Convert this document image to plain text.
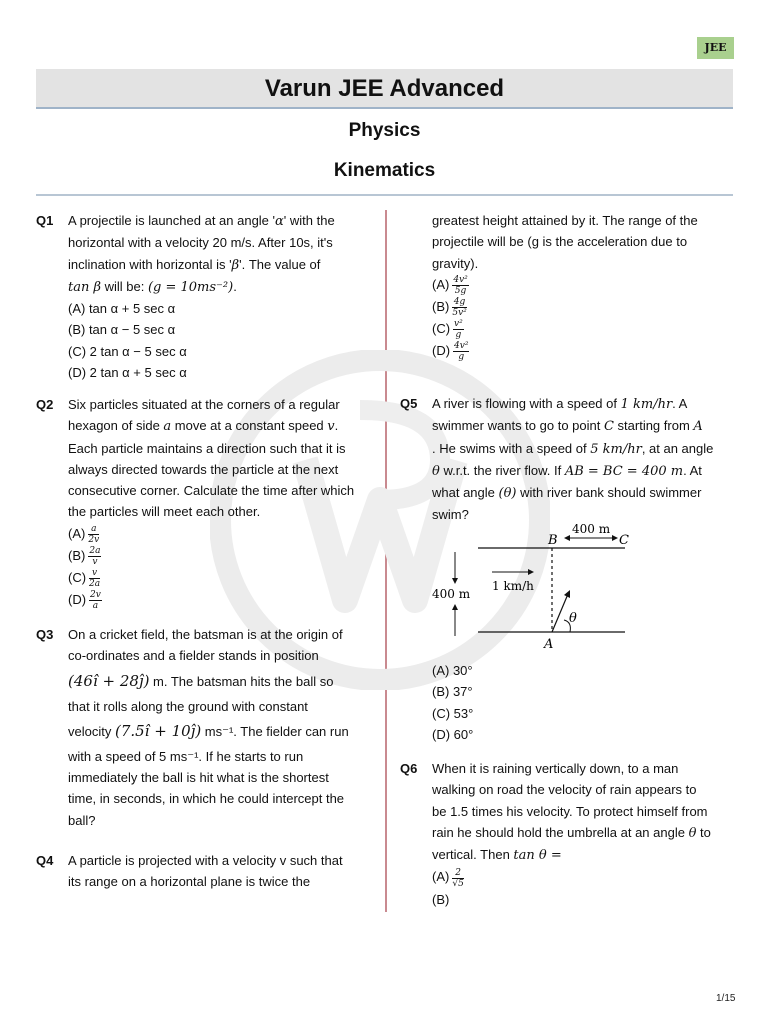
JEE
Varun JEE Advanced
Physics
Kinematics
Q1 A projectile is launched at an angle 'α' with the horizontal with a velocity 20 m/s. After 10s, it's inclination with horizontal is 'β'. The value of
tan β will be: (g = 10ms⁻²).
(A) tan α + 5 sec α
(B) tan α − 5 sec α
(C) 2 tan α − 5 sec α
(D) 2 tan α + 5 sec α
Q2 Six particles situated at the corners of a regular hexagon of side a move at a constant speed v. Each particle maintains a direction such that it is always directed towards the particle at the next consecutive corner. Calculate the time after which the particles will meet each other.
$(A) \frac{a}{2v}$
$(B) \frac{2a}{v}$
$(C) \frac{v}{2a}$
$(D) \frac{2v}{a}$
Q3 On a cricket field, the batsman is at the origin of
co-ordinates and a fielder stands in position
(46î + 28ĵ) m. The batsman hits the ball so
that it rolls along the ground with constant
velocity (7.5î + 10ĵ) ms⁻¹. The fielder can run
with a speed of 5 ms⁻¹. If he starts to run
immediately the ball is hit what is the shortest
time, in seconds, in which he could intercept the
ball?
Q4 A particle is projected with a velocity v such that
its range on a horizontal plane is twice the
greatest height attained by it. The range of the
projectile will be (g is the acceleration due to
gravity).
$(A) \frac{\text{4v²}}{5g}$
$(B) \frac{4g}{\text{5v²}}$
$(C) \frac{\text{v²}}{g}$
$(D) \frac{\text{4v²}}{g}$
Q5 A river is flowing with a speed of 1 km/hr. A
swimmer wants to go to point C starting from A
. He swims with a speed of 5 km/hr, at an angle
θ w.r.t. the river flow. If AB = BC = 400 m. At
what angle (θ) with river bank should swimmer
swim?
B	C
A
400 m
400 m
1 km/h
θ
(A) 30°
(B) 37°
(C) 53°
(D) 60°
Q6 When it is raining vertically down, to a man
walking on road the velocity of rain appears to
be 1.5 times his velocity. To protect himself from
rain he should hold the umbrella at an angle θ to
vertical. Then tan θ =
$(A) \frac{2}{√5}$
(B)
1/15
